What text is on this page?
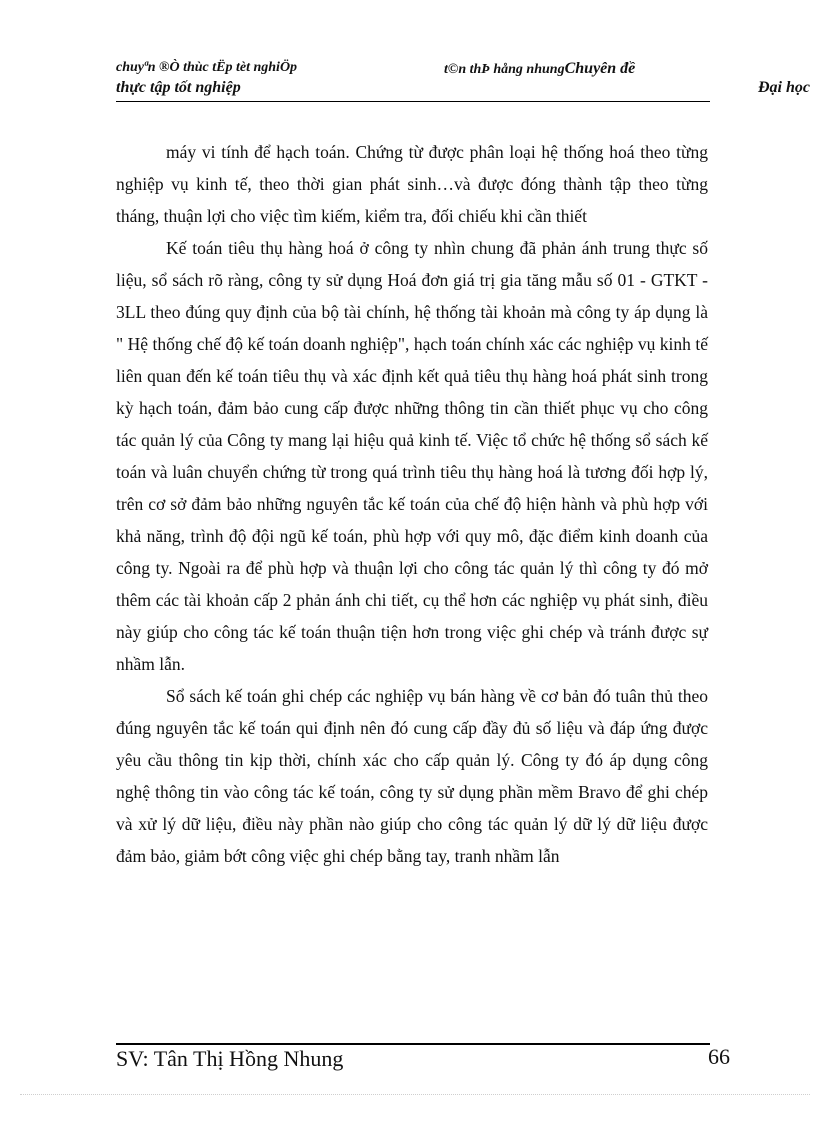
chuyªn ®Ò thùc tËp tèt nghiÖp	t©n thÞ hång nhungChuyên đề
thực tập tốt nghiệp	Đại học

máy vi tính để hạch toán. Chứng từ được phân loại hệ thống hoá theo từng nghiệp vụ kinh tế, theo thời gian phát sinh…và được đóng thành tập theo từng tháng, thuận lợi cho việc tìm kiếm, kiểm tra, đối chiếu khi cần thiết

Kế toán tiêu thụ hàng hoá ở công ty nhìn chung đã phản ánh trung thực số liệu, sổ sách rõ ràng, công ty sử dụng Hoá đơn giá trị gia tăng mẫu số 01 - GTKT - 3LL theo đúng quy định của bộ tài chính, hệ thống tài khoản mà công ty áp dụng là " Hệ thống chế độ kế toán doanh nghiệp", hạch toán chính xác các nghiệp vụ kinh tế liên quan đến kế toán tiêu thụ và xác định kết quả tiêu thụ hàng hoá phát sinh trong kỳ hạch toán, đảm bảo cung cấp được những thông tin cần thiết phục vụ cho công tác quản lý của Công ty mang lại hiệu quả kinh tế. Việc tổ chức hệ thống sổ sách kế toán và luân chuyển chứng từ trong quá trình tiêu thụ hàng hoá là tương đối hợp lý, trên cơ sở đảm bảo những nguyên tắc kế toán của chế độ hiện hành và phù hợp với khả năng, trình độ đội ngũ kế toán, phù hợp với quy mô, đặc điểm kinh doanh của công ty. Ngoài ra để phù hợp và thuận lợi cho công tác quản lý thì công ty đó mở thêm các tài khoản cấp 2 phản ánh chi tiết, cụ thể hơn các nghiệp vụ phát sinh, điều này giúp cho công tác kế toán thuận tiện hơn trong việc ghi chép và tránh được sự nhầm lẫn.

Sổ sách kế toán ghi chép các nghiệp vụ bán hàng về cơ bản đó tuân thủ theo đúng nguyên tắc kế toán qui định nên đó cung cấp đầy đủ số liệu và đáp ứng được yêu cầu thông tin kịp thời, chính xác cho cấp quản lý. Công ty đó áp dụng công nghệ thông tin vào công tác kế toán, công ty sử dụng phần mềm Bravo để ghi chép và xử lý dữ liệu, điều này phần nào giúp cho công tác quản lý dữ lý dữ liệu được đảm bảo, giảm bớt công việc ghi chép bằng tay, tranh nhầm lẫn

SV: Tân Thị Hồng Nhung	66
